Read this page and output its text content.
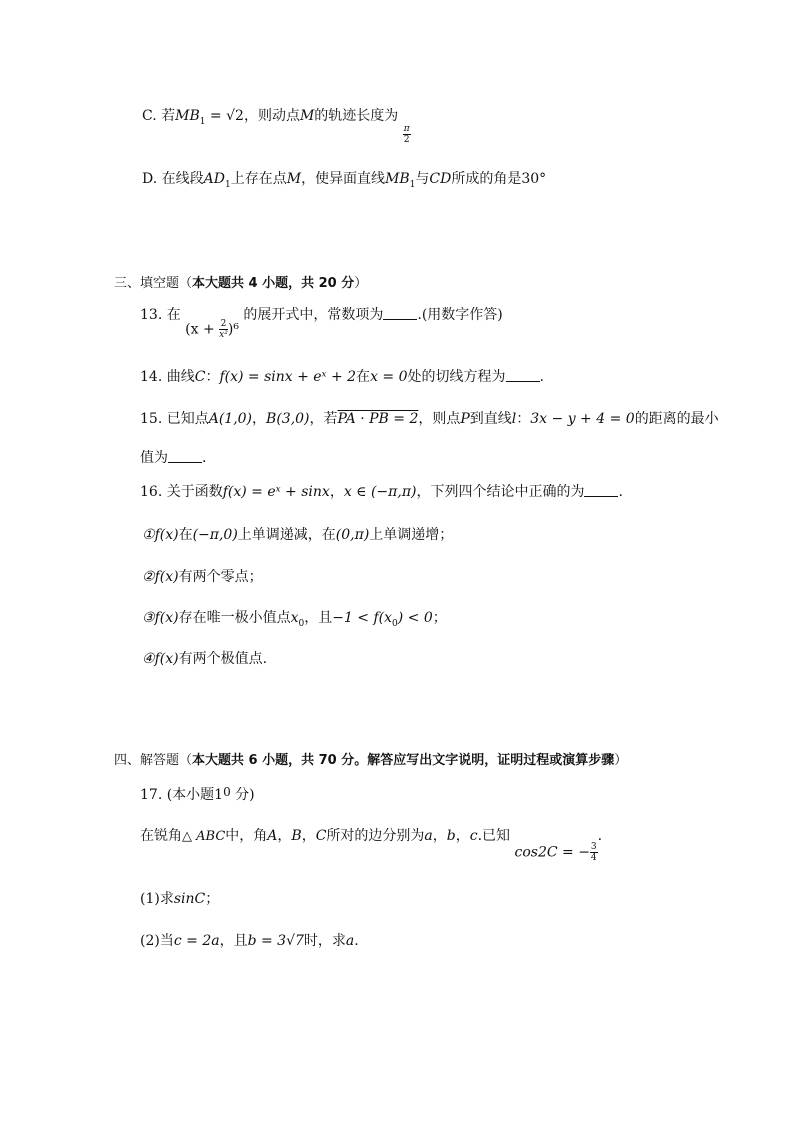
C. 若$MB_1 = √2$，则动点M的轨迹长度为
$\frac{\pi}{2}$
D. 在线段$AD_1$上存在点M，使异面直线$MB_1$与CD所成的角是30°
三、填空题（本大题共 4 小题，共 20 分）
13. 在 $(x + \frac{2}{\text{x²}} )^6$ 的展开式中，常数项为 .(用数字作答)
14. 曲线C：f(x) = sinx + eˣ + 2在x = 0处的切线方程为 .
15. 已知点A(1,0)，B(3,0)，若PA · PB = 2，则点P到直线l：3x − y + 4 = 0的距离的最小
值为 .
16. 关于函数f(x) = eˣ + sinx，x ∈ (−π,π)，下列四个结论中正确的为 .
①f(x)在(−π,0)上单调递减，在(0,π)上单调递增；
②f(x)有两个零点；
③f(x)存在唯一极小值点$x_0$，且$-1 < f(x_0) < 0$；
④f(x)有两个极值点.
四、解答题（本大题共 6 小题，共 70 分。解答应写出文字说明，证明过程或演算步骤）
17. (本小题10 分)
在锐角△ ABC中，角A，B，C所对的边分别为a，b，c.已知 cos2C = − $\frac{3}{4}$
.
(1)求sinC；
(2)当c = 2a，且b = 3√7时，求a.
